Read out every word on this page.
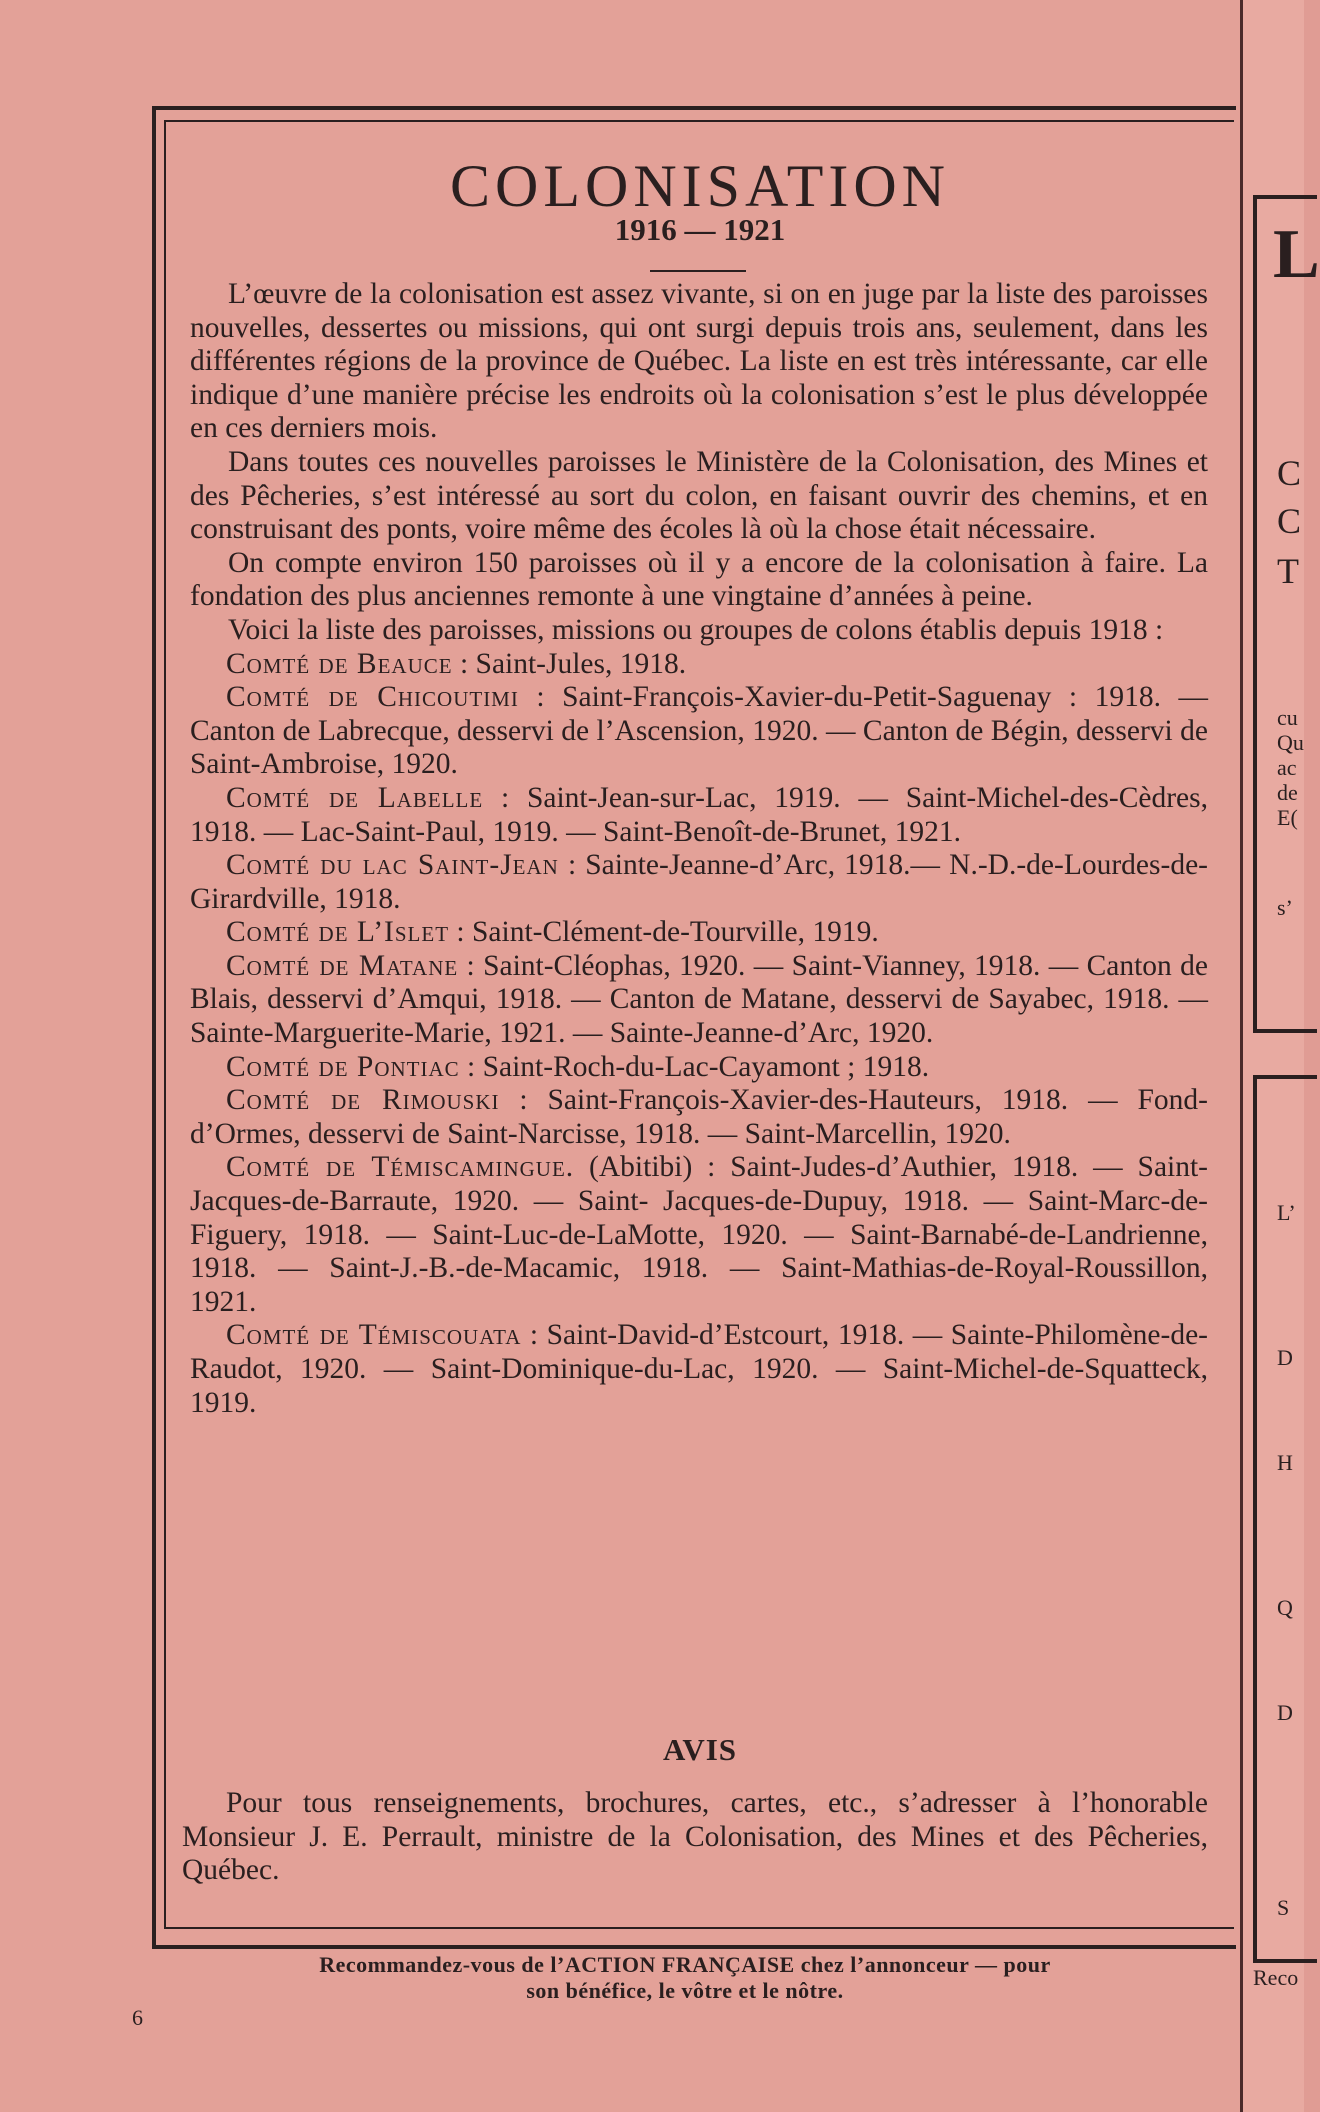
L
C
C
T
cu
Qu
ac
de
E(
s’
L’
D
H
Q
D
S
Reco
COLONISATION
1916 — 1921

L’œuvre de la colonisation est assez vivante, si on en juge par la liste des paroisses nouvelles, dessertes ou missions, qui ont surgi depuis trois ans, seulement, dans les différentes régions de la province de Québec. La liste en est très intéressante, car elle indique d’une manière précise les endroits où la colonisation s’est le plus développée en ces derniers mois.

Dans toutes ces nouvelles paroisses le Ministère de la Colonisation, des Mines et des Pêcheries, s’est intéressé au sort du colon, en faisant ouvrir des chemins, et en construisant des ponts, voire même des écoles là où la chose était nécessaire.

On compte environ 150 paroisses où il y a encore de la colonisation à faire. La fondation des plus anciennes remonte à une vingtaine d’années à peine.

Voici la liste des paroisses, missions ou groupes de colons établis depuis 1918 :

Comté de Beauce : Saint-Jules, 1918.

Comté de Chicoutimi : Saint-François-Xavier-du-Petit-Saguenay : 1918. — Canton de Labrecque, desservi de l’Ascension, 1920. — Canton de Bégin, desservi de Saint-Ambroise, 1920.

Comté de Labelle : Saint-Jean-sur-Lac, 1919. — Saint-Michel-des-Cèdres, 1918. — Lac-Saint-Paul, 1919. — Saint-Benoît-de-Brunet, 1921.

Comté du lac Saint-Jean : Sainte-Jeanne-d’Arc, 1918.— N.-D.-de-Lourdes-de-Girardville, 1918.

Comté de L’Islet : Saint-Clément-de-Tourville, 1919.

Comté de Matane : Saint-Cléophas, 1920. — Saint-Vianney, 1918. — Canton de Blais, desservi d’Amqui, 1918. — Canton de Matane, desservi de Sayabec, 1918. — Sainte-Marguerite-Marie, 1921. — Sainte-Jeanne-d’Arc, 1920.

Comté de Pontiac : Saint-Roch-du-Lac-Cayamont ; 1918.

Comté de Rimouski : Saint-François-Xavier-des-Hauteurs, 1918. — Fond-d’Ormes, desservi de Saint-Narcisse, 1918. — Saint-Marcellin, 1920.

Comté de Témiscamingue. (Abitibi) : Saint-Judes-d’Authier, 1918. — Saint-Jacques-de-Barraute, 1920. — Saint- Jacques-de-Dupuy, 1918. — Saint-Marc-de-Figuery, 1918. — Saint-Luc-de-LaMotte, 1920. — Saint-Barnabé-de-Landrienne, 1918. — Saint-J.-B.-de-Macamic, 1918. — Saint-Mathias-de-Royal-Roussillon, 1921.

Comté de Témiscouata : Saint-David-d’Estcourt, 1918. — Sainte-Philomène-de-Raudot, 1920. — Saint-Dominique-du-Lac, 1920. — Saint-Michel-de-Squatteck, 1919.

AVIS

Pour tous renseignements, brochures, cartes, etc., s’adresser à l’honorable Monsieur J. E. Perrault, ministre de la Colonisation, des Mines et des Pêcheries, Québec.

Recommandez-vous de l’ACTION FRANÇAISE chez l’annonceur — pour
son bénéfice, le vôtre et le nôtre.
6
